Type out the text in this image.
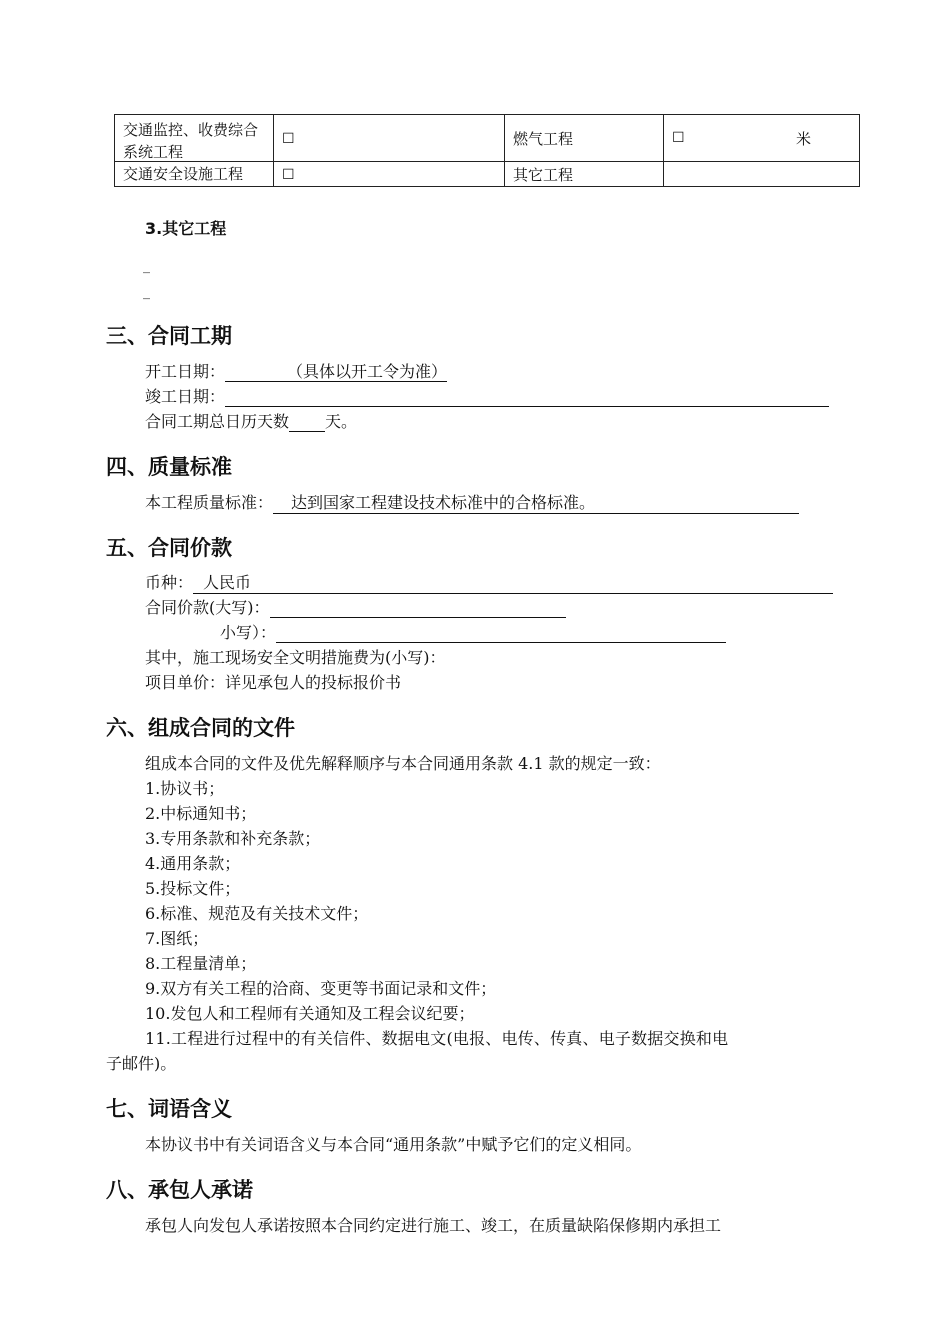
交通监控、收费综合系统工程	☐	燃气工程	☐ 米

交通安全设施工程	☐	其它工程	
3.其它工程
_
_
三、合同工期
开工日期：	（具体以开工令为准）
竣工日期：
合同工期总日历天数 天。
四、质量标准
本工程质量标准： 达到国家工程建设技术标准中的合格标准。
五、合同价款
币种： 人民币
合同价款(大写)：
小写）：
其中，施工现场安全文明措施费为(小写)：
项目单价：详见承包人的投标报价书
六、组成合同的文件
组成本合同的文件及优先解释顺序与本合同通用条款 4.1 款的规定一致：
1.协议书；
2.中标通知书；
3.专用条款和补充条款；
4.通用条款；
5.投标文件；
6.标准、规范及有关技术文件；
7.图纸；
8.工程量清单；
9.双方有关工程的洽商、变更等书面记录和文件；
10.发包人和工程师有关通知及工程会议纪要；
11.工程进行过程中的有关信件、数据电文(电报、电传、传真、电子数据交换和电
子邮件)。
七、词语含义
本协议书中有关词语含义与本合同“通用条款”中赋予它们的定义相同。
八、承包人承诺
承包人向发包人承诺按照本合同约定进行施工、竣工，在质量缺陷保修期内承担工
